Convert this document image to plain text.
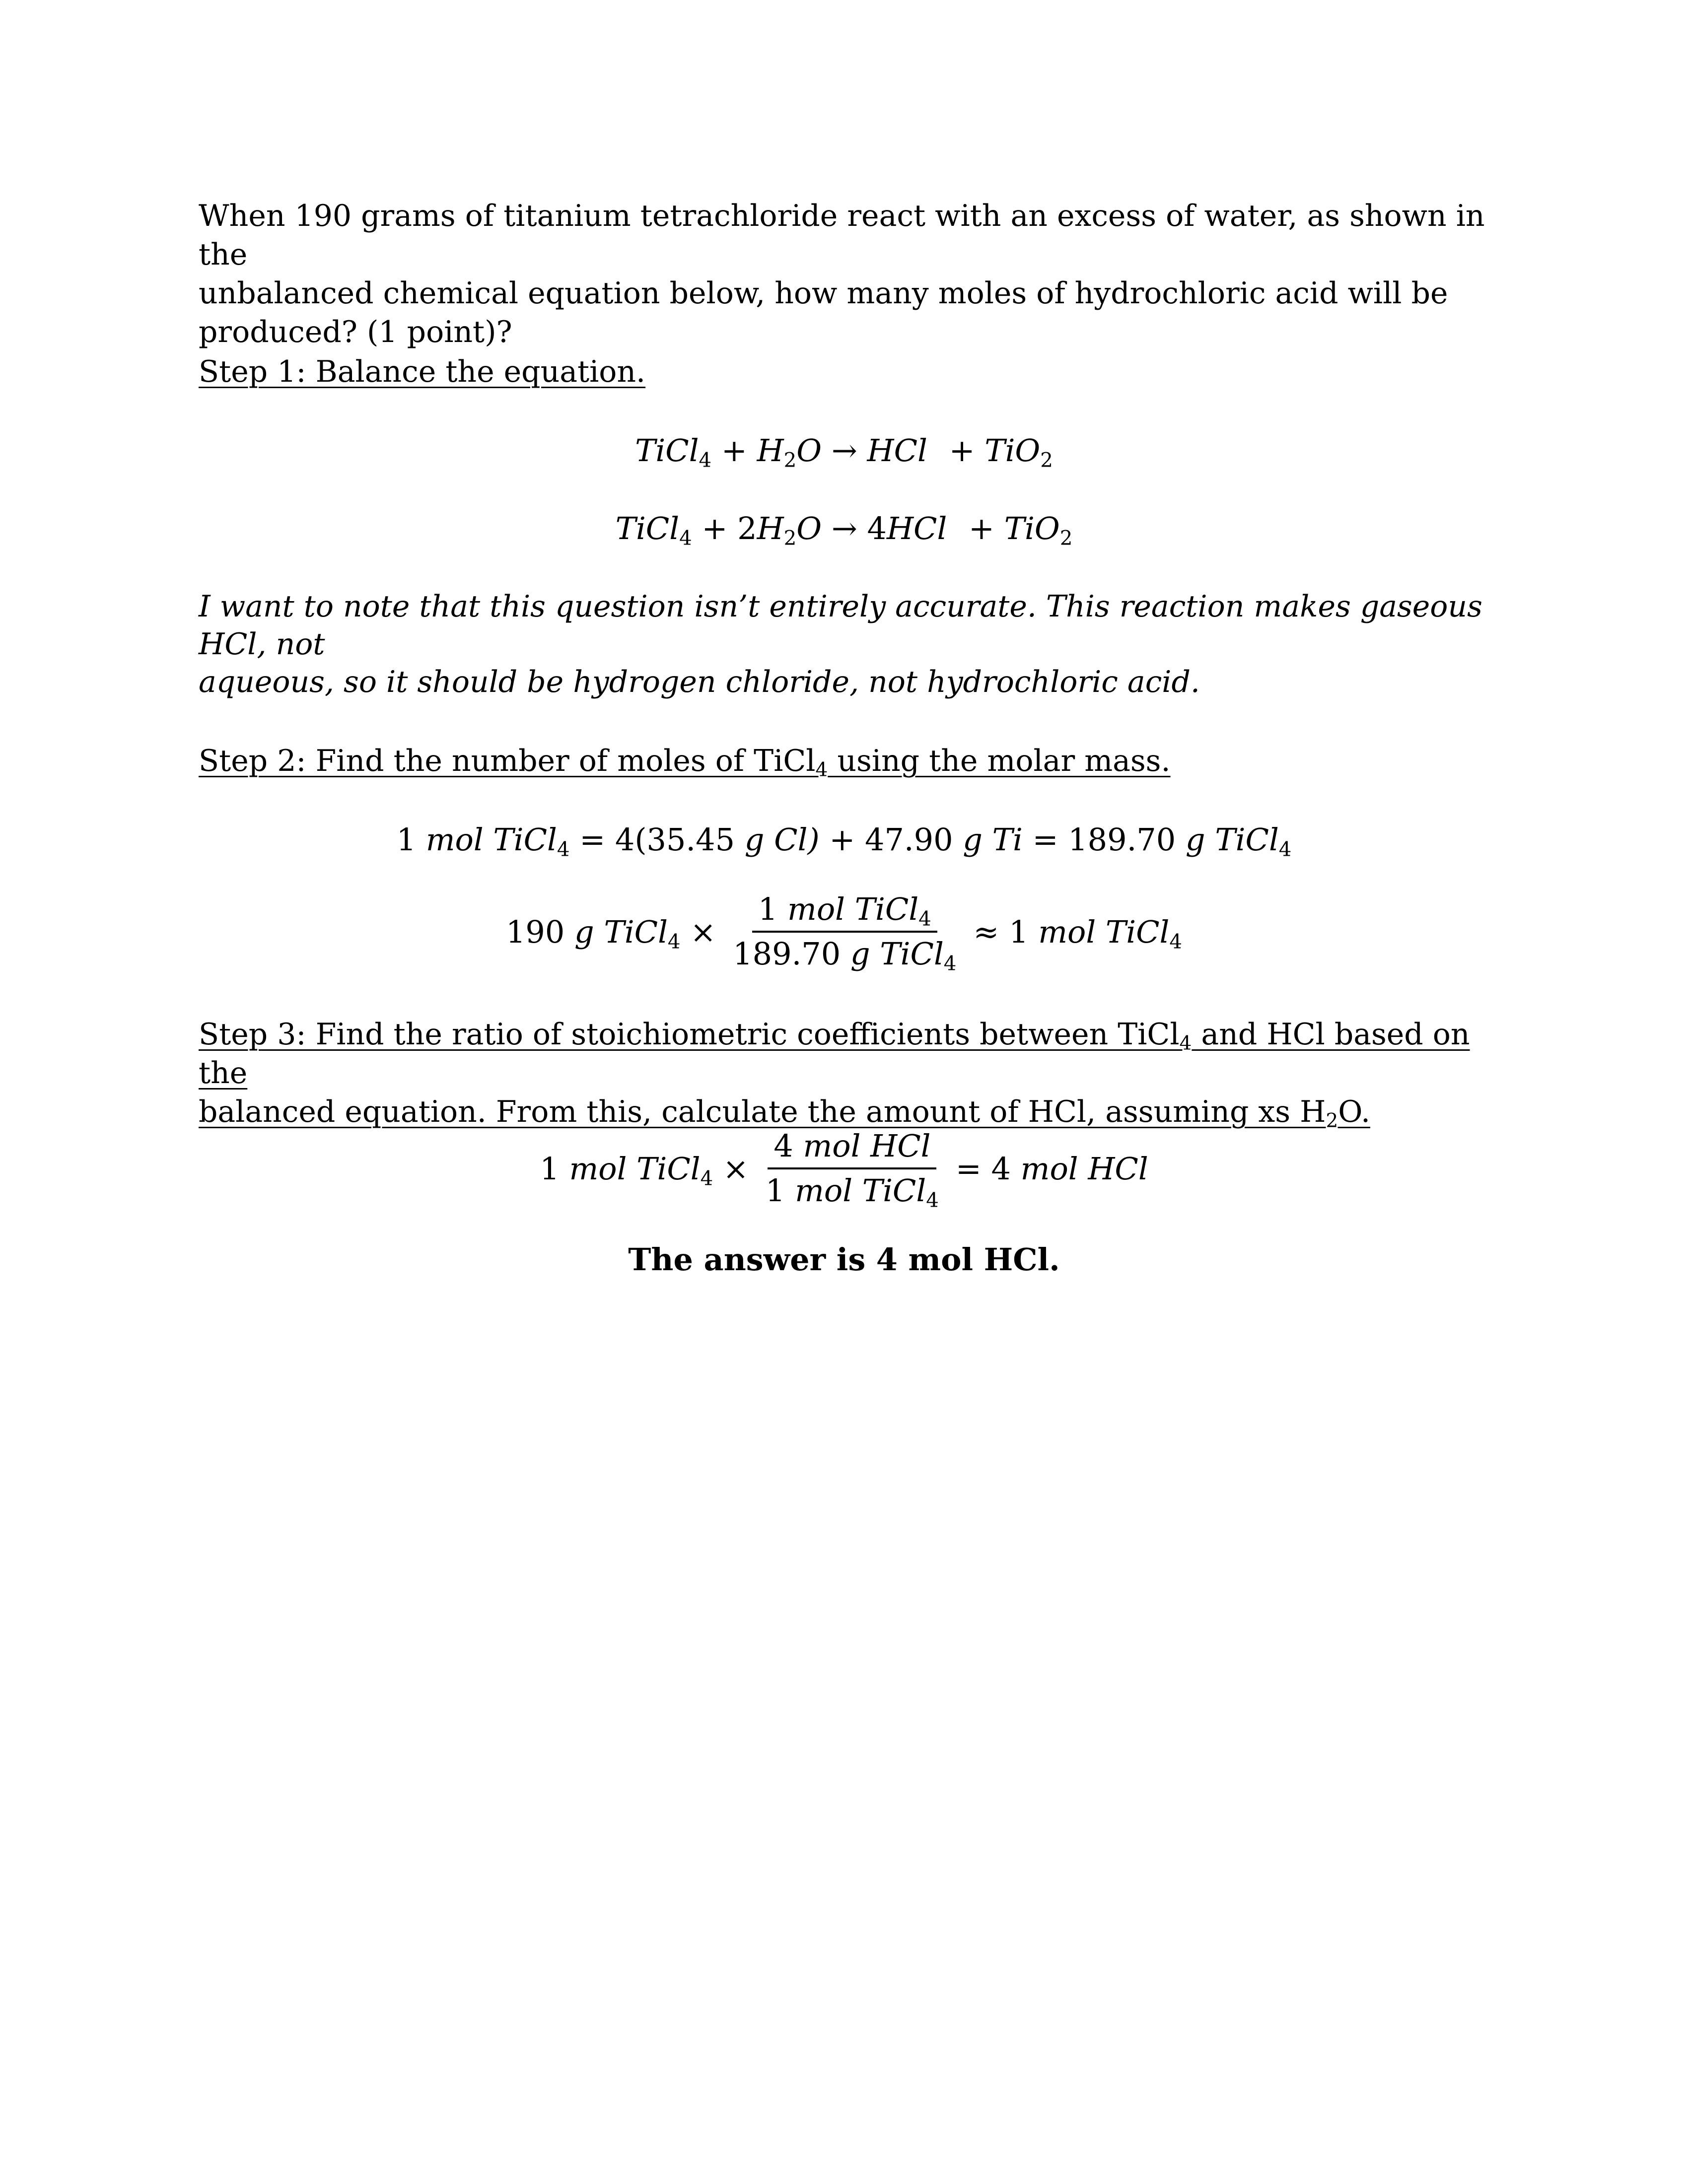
When 190 grams of titanium tetrachloride react with an excess of water, as shown in the
unbalanced chemical equation below, how many moles of hydrochloric acid will be
produced? (1 point)?
Step 1: Balance the equation.
TiCl$_4$ + $H_2O$ → HCl + TiO$_2$
TiCl$_4$ + $2H_2O \to 4HCl + TiO_2$
I want to note that this question isn’t entirely accurate. This reaction makes gaseous HCl, not
aqueous, so it should be hydrogen chloride, not hydrochloric acid.
Step 2: Find the number of moles of TiCl$_4$ using the molar mass.
1 mol TiCl$_4$ = 4(35.45 g Cl) + 47.90 g Ti = 189.70 g TiCl$_4$
190 g TiCl$_4$ × $\frac{1 mol TiCl_4}{189.70 g TiCl_4} \approx 1$ mol TiCl$_4$
Step 3: Find the ratio of stoichiometric coefficients between TiCl$_4$ and HCl based on the
balanced equation. From this, calculate the amount of HCl, assuming xs $H_2O$.
1 mol TiCl$_4$ × $\frac{\text{4 mol HCl}}{1 mol TiCl_4} = 4$ mol HCl
The answer is 4 mol HCl.
